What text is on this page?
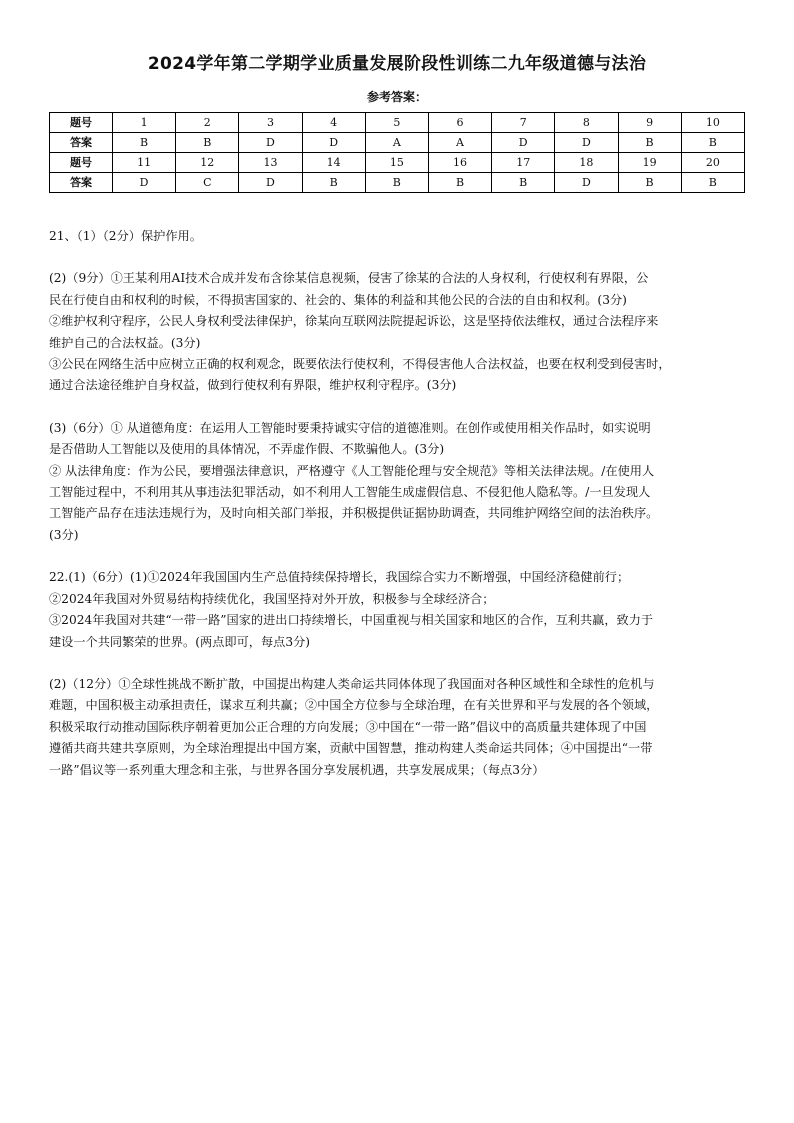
2024学年第二学期学业质量发展阶段性训练二九年级道德与法治
参考答案：
题号	1	2	3	4	5	6	7	8	9	10
答案	B	B	D	D	A	A	D	D	B	B
题号	11	12	13	14	15	16	17	18	19	20
答案	D	C	D	B	B	B	B	D	B	B

21、（1）（2分）保护作用。

(2)（9分）①王某利用AI技术合成并发布含徐某信息视频，侵害了徐某的合法的人身权利，行使权利有界限，公

民在行使自由和权利的时候，不得损害国家的、社会的、集体的利益和其他公民的合法的自由和权利。(3分)

②维护权利守程序，公民人身权利受法律保护，徐某向互联网法院提起诉讼，这是坚持依法维权，通过合法程序来

维护自己的合法权益。(3分)

③公民在网络生活中应树立正确的权利观念，既要依法行使权利，不得侵害他人合法权益，也要在权利受到侵害时，

通过合法途径维护自身权益，做到行使权利有界限，维护权利守程序。(3分)

(3)（6分）① 从道德角度：在运用人工智能时要秉持诚实守信的道德准则。在创作或使用相关作品时，如实说明

是否借助人工智能以及使用的具体情况，不弄虚作假、不欺骗他人。(3分)

② 从法律角度：作为公民，要增强法律意识，严格遵守《人工智能伦理与安全规范》等相关法律法规。/在使用人

工智能过程中，不利用其从事违法犯罪活动，如不利用人工智能生成虚假信息、不侵犯他人隐私等。/一旦发现人

工智能产品存在违法违规行为，及时向相关部门举报，并积极提供证据协助调查，共同维护网络空间的法治秩序。

(3分)

22.(1)（6分）(1)①2024年我国国内生产总值持续保持增长，我国综合实力不断增强，中国经济稳健前行；

②2024年我国对外贸易结构持续优化，我国坚持对外开放，积极参与全球经济合；

③2024年我国对共建“一带一路”国家的进出口持续增长，中国重视与相关国家和地区的合作，互利共赢，致力于

建设一个共同繁荣的世界。(两点即可，每点3分)

(2)（12分）①全球性挑战不断扩散，中国提出构建人类命运共同体体现了我国面对各种区域性和全球性的危机与

难题，中国积极主动承担责任，谋求互利共赢；②中国全方位参与全球治理，在有关世界和平与发展的各个领域，

积极采取行动推动国际秩序朝着更加公正合理的方向发展；③中国在“一带一路”倡议中的高质量共建体现了中国

遵循共商共建共享原则，为全球治理提出中国方案，贡献中国智慧，推动构建人类命运共同体；④中国提出“一带

一路”倡议等一系列重大理念和主张，与世界各国分享发展机遇，共享发展成果；（每点3分）
